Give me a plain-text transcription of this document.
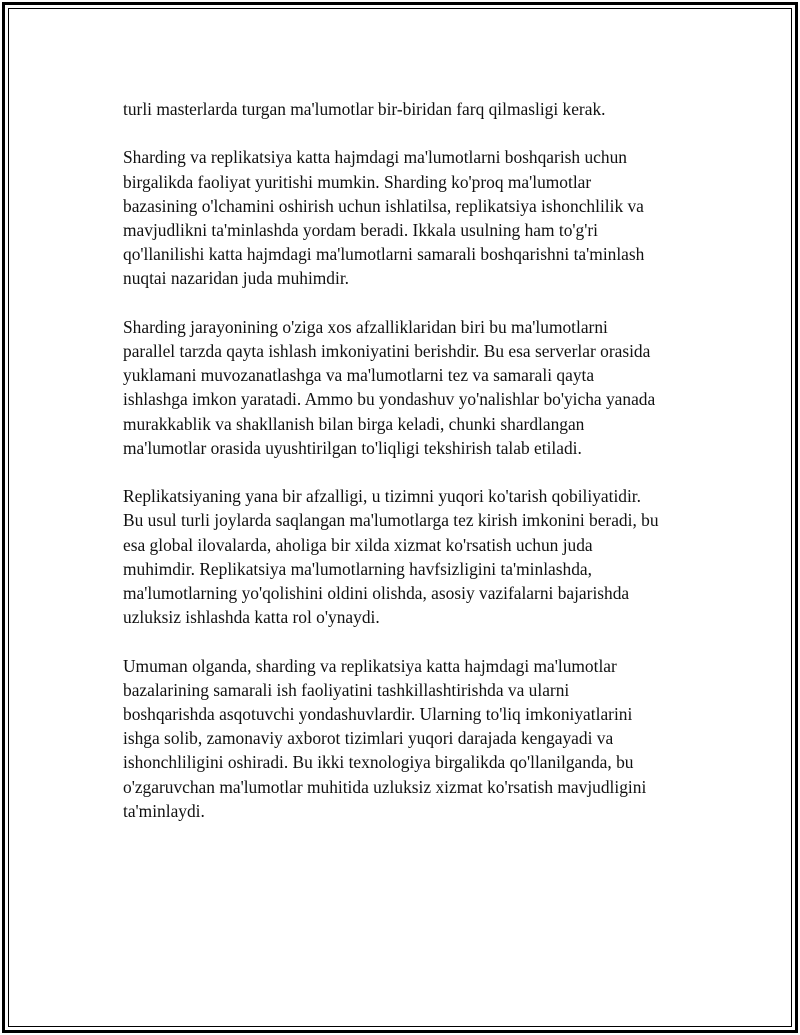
turli masterlarda turgan ma'lumotlar bir-biridan farq qilmasligi kerak.

Sharding va replikatsiya katta hajmdagi ma'lumotlarni boshqarish uchun
birgalikda faoliyat yuritishi mumkin. Sharding ko'proq ma'lumotlar
bazasining o'lchamini oshirish uchun ishlatilsa, replikatsiya ishonchlilik va
mavjudlikni ta'minlashda yordam beradi. Ikkala usulning ham to'g'ri
qo'llanilishi katta hajmdagi ma'lumotlarni samarali boshqarishni ta'minlash
nuqtai nazaridan juda muhimdir.

Sharding jarayonining o'ziga xos afzalliklaridan biri bu ma'lumotlarni
parallel tarzda qayta ishlash imkoniyatini berishdir. Bu esa serverlar orasida
yuklamani muvozanatlashga va ma'lumotlarni tez va samarali qayta
ishlashga imkon yaratadi. Ammo bu yondashuv yo'nalishlar bo'yicha yanada
murakkablik va shakllanish bilan birga keladi, chunki shardlangan
ma'lumotlar orasida uyushtirilgan to'liqligi tekshirish talab etiladi.

Replikatsiyaning yana bir afzalligi, u tizimni yuqori ko'tarish qobiliyatidir.
Bu usul turli joylarda saqlangan ma'lumotlarga tez kirish imkonini beradi, bu
esa global ilovalarda, aholiga bir xilda xizmat ko'rsatish uchun juda
muhimdir. Replikatsiya ma'lumotlarning havfsizligini ta'minlashda,
ma'lumotlarning yo'qolishini oldini olishda, asosiy vazifalarni bajarishda
uzluksiz ishlashda katta rol o'ynaydi.

Umuman olganda, sharding va replikatsiya katta hajmdagi ma'lumotlar
bazalarining samarali ish faoliyatini tashkillashtirishda va ularni
boshqarishda asqotuvchi yondashuvlardir. Ularning to'liq imkoniyatlarini
ishga solib, zamonaviy axborot tizimlari yuqori darajada kengayadi va
ishonchliligini oshiradi. Bu ikki texnologiya birgalikda qo'llanilganda, bu
o'zgaruvchan ma'lumotlar muhitida uzluksiz xizmat ko'rsatish mavjudligini
ta'minlaydi.
